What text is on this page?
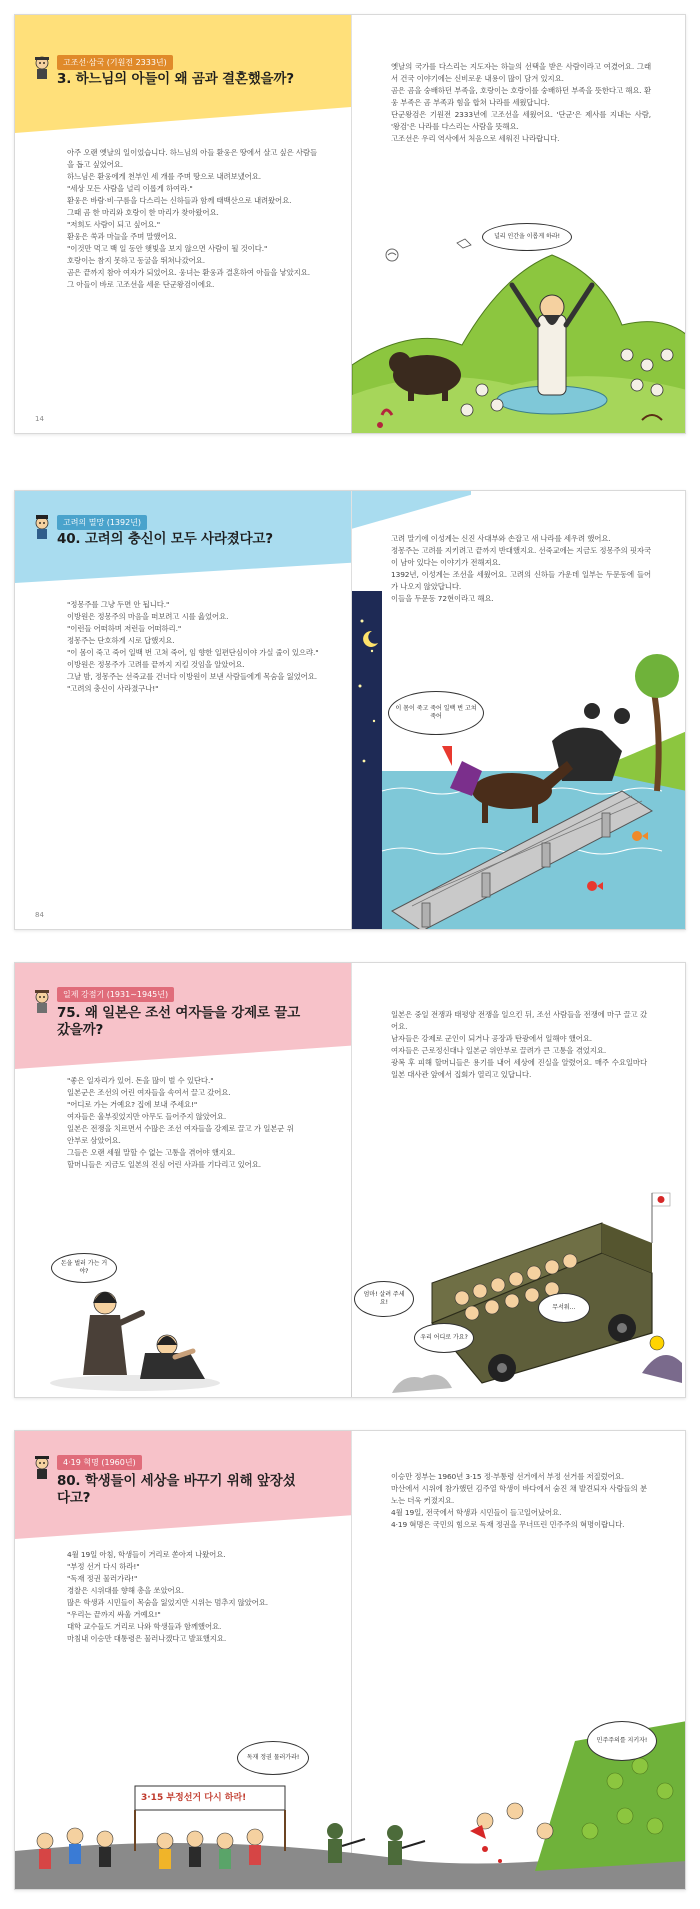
고조선·삼국 (기원전 2333년)
3. 하느님의 아들이 왜 곰과 결혼했을까?

아주 오랜 옛날의 일이었습니다. 하느님의 아들 환웅은 땅에서 살고 싶은 사람들을 돕고 싶었어요.

하느님은 환웅에게 천부인 세 개를 주며 땅으로 내려보냈어요.

"세상 모든 사람을 널리 이롭게 하여라."

환웅은 바람·비·구름을 다스리는 신하들과 함께 태백산으로 내려왔어요.

그때 곰 한 마리와 호랑이 한 마리가 찾아왔어요.

"저희도 사람이 되고 싶어요."

환웅은 쑥과 마늘을 주며 말했어요.

"이것만 먹고 백 일 동안 햇빛을 보지 않으면 사람이 될 것이다."

호랑이는 참지 못하고 동굴을 뛰쳐나갔어요.

곰은 끝까지 참아 여자가 되었어요. 웅녀는 환웅과 결혼하여 아들을 낳았지요.

그 아들이 바로 고조선을 세운 단군왕검이에요.

14

옛날의 국가를 다스리는 지도자는 하늘의 선택을 받은 사람이라고 여겼어요. 그래서 건국 이야기에는 신비로운 내용이 많이 담겨 있지요.

곰은 곰을 숭배하던 부족을, 호랑이는 호랑이를 숭배하던 부족을 뜻한다고 해요. 환웅 부족은 곰 부족과 힘을 합쳐 나라를 세웠답니다.

단군왕검은 기원전 2333년에 고조선을 세웠어요. '단군'은 제사를 지내는 사람, '왕검'은 나라를 다스리는 사람을 뜻해요.

고조선은 우리 역사에서 처음으로 세워진 나라랍니다.

널리 인간을 이롭게 하라!
고려의 멸망 (1392년)
40. 고려의 충신이 모두 사라졌다고?

"정몽주를 그냥 두면 안 됩니다."

이방원은 정몽주의 마음을 떠보려고 시를 읊었어요.

"이런들 어떠하며 저런들 어떠하리."

정몽주는 단호하게 시로 답했지요.

"이 몸이 죽고 죽어 일백 번 고쳐 죽어, 임 향한 일편단심이야 가실 줄이 있으랴."

이방원은 정몽주가 고려를 끝까지 지킬 것임을 알았어요.

그날 밤, 정몽주는 선죽교를 건너다 이방원이 보낸 사람들에게 목숨을 잃었어요.

"고려의 충신이 사라졌구나!"

84

고려 말기에 이성계는 신진 사대부와 손잡고 새 나라를 세우려 했어요.

정몽주는 고려를 지키려고 끝까지 반대했지요. 선죽교에는 지금도 정몽주의 핏자국이 남아 있다는 이야기가 전해져요.

1392년, 이성계는 조선을 세웠어요. 고려의 신하들 가운데 일부는 두문동에 들어가 나오지 않았답니다.

이들을 두문동 72현이라고 해요.

이 몸이 죽고 죽어 일백 번 고쳐 죽어
일제 강점기 (1931~1945년)
75. 왜 일본은 조선 여자들을 강제로 끌고 갔을까?

"좋은 일자리가 있어. 돈을 많이 벌 수 있단다."

일본군은 조선의 어린 여자들을 속여서 끌고 갔어요.

"어디로 가는 거예요? 집에 보내 주세요!"

여자들은 울부짖었지만 아무도 들어주지 않았어요.

일본은 전쟁을 치르면서 수많은 조선 여자들을 강제로 끌고 가 일본군 위안부로 삼았어요.

그들은 오랜 세월 말할 수 없는 고통을 겪어야 했지요.

할머니들은 지금도 일본의 진심 어린 사과를 기다리고 있어요.

돈을 벌러 가는 거야?

일본은 중일 전쟁과 태평양 전쟁을 일으킨 뒤, 조선 사람들을 전쟁에 마구 끌고 갔어요.

남자들은 강제로 군인이 되거나 공장과 탄광에서 일해야 했어요.

여자들은 근로정신대나 일본군 위안부로 끌려가 큰 고통을 겪었지요.

광복 후 피해 할머니들은 용기를 내어 세상에 진실을 알렸어요. 매주 수요일마다 일본 대사관 앞에서 집회가 열리고 있답니다.

엄마! 살려 주세요!
우리 어디로 가요?
무서워…
4·19 혁명 (1960년)
80. 학생들이 세상을 바꾸기 위해 앞장섰다고?

4월 19일 아침, 학생들이 거리로 쏟아져 나왔어요.

"부정 선거 다시 하라!"

"독재 정권 물러가라!"

경찰은 시위대를 향해 총을 쏘았어요.

많은 학생과 시민들이 목숨을 잃었지만 시위는 멈추지 않았어요.

"우리는 끝까지 싸울 거예요!"

대학 교수들도 거리로 나와 학생들과 함께했어요.

마침내 이승만 대통령은 물러나겠다고 발표했지요.

이승만 정부는 1960년 3·15 정·부통령 선거에서 부정 선거를 저질렀어요.

마산에서 시위에 참가했던 김주열 학생이 바다에서 숨진 채 발견되자 사람들의 분노는 더욱 커졌지요.

4월 19일, 전국에서 학생과 시민들이 들고일어났어요.

4·19 혁명은 국민의 힘으로 독재 정권을 무너뜨린 민주주의 혁명이랍니다.

3·15 부정선거 다시 하라!
독재 정권 물러가라!
민주주의를 지키자!
